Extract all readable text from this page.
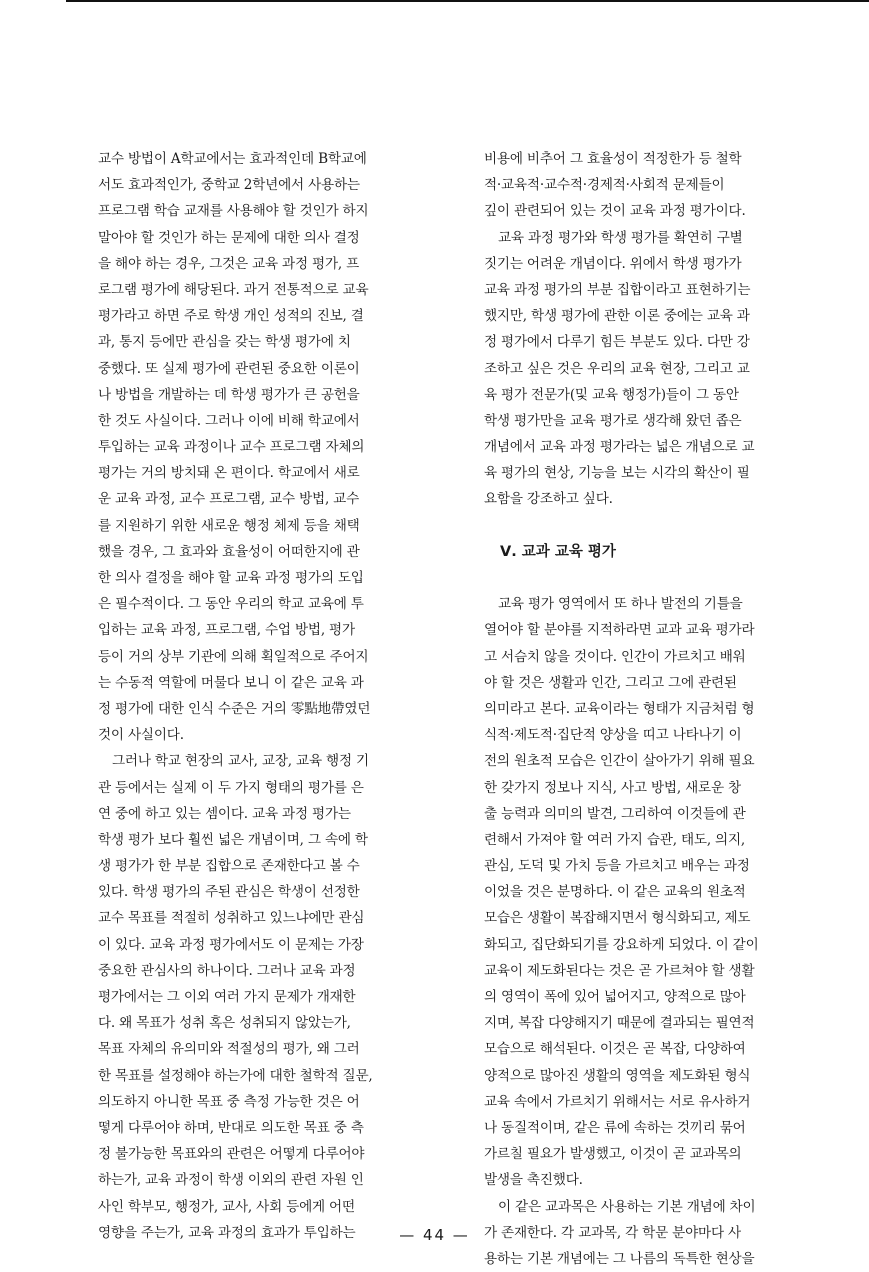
교수 방법이 A학교에서는 효과적인데 B학교에
서도 효과적인가, 중학교 2학년에서 사용하는
프로그램 학습 교재를 사용해야 할 것인가 하지
말아야 할 것인가 하는 문제에 대한 의사 결정
을 해야 하는 경우, 그것은 교육 과정 평가, 프
로그램 평가에 해당된다. 과거 전통적으로 교육
평가라고 하면 주로 학생 개인 성적의 진보, 결
과, 통지 등에만 관심을 갖는 학생 평가에 치
중했다. 또 실제 평가에 관련된 중요한 이론이
나 방법을 개발하는 데 학생 평가가 큰 공헌을
한 것도 사실이다. 그러나 이에 비해 학교에서
투입하는 교육 과정이나 교수 프로그램 자체의
평가는 거의 방치돼 온 편이다. 학교에서 새로
운 교육 과정, 교수 프로그램, 교수 방법, 교수
를 지원하기 위한 새로운 행정 체제 등을 채택
했을 경우, 그 효과와 효율성이 어떠한지에 관
한 의사 결정을 해야 할 교육 과정 평가의 도입
은 필수적이다. 그 동안 우리의 학교 교육에 투
입하는 교육 과정, 프로그램, 수업 방법, 평가
등이 거의 상부 기관에 의해 획일적으로 주어지
는 수동적 역할에 머물다 보니 이 같은 교육 과
정 평가에 대한 인식 수준은 거의 零點地帶였던
것이 사실이다.
그러나 학교 현장의 교사, 교장, 교육 행정 기
관 등에서는 실제 이 두 가지 형태의 평가를 은
연 중에 하고 있는 셈이다. 교육 과정 평가는
학생 평가 보다 훨씬 넓은 개념이며, 그 속에 학
생 평가가 한 부분 집합으로 존재한다고 볼 수
있다. 학생 평가의 주된 관심은 학생이 선정한
교수 목표를 적절히 성취하고 있느냐에만 관심
이 있다. 교육 과정 평가에서도 이 문제는 가장
중요한 관심사의 하나이다. 그러나 교육 과정
평가에서는 그 이외 여러 가지 문제가 개재한
다. 왜 목표가 성취 혹은 성취되지 않았는가,
목표 자체의 유의미와 적절성의 평가, 왜 그러
한 목표를 설정해야 하는가에 대한 철학적 질문,
의도하지 아니한 목표 중 측정 가능한 것은 어
떻게 다루어야 하며, 반대로 의도한 목표 중 측
정 불가능한 목표와의 관련은 어떻게 다루어야
하는가, 교육 과정이 학생 이외의 관련 자원 인
사인 학부모, 행정가, 교사, 사회 등에게 어떤
영향을 주는가, 교육 과정의 효과가 투입하는
비용에 비추어 그 효율성이 적정한가 등 철학
적·교육적·교수적·경제적·사회적 문제들이
깊이 관련되어 있는 것이 교육 과정 평가이다.
교육 과정 평가와 학생 평가를 확연히 구별
짓기는 어려운 개념이다. 위에서 학생 평가가
교육 과정 평가의 부분 집합이라고 표현하기는
했지만, 학생 평가에 관한 이론 중에는 교육 과
정 평가에서 다루기 힘든 부분도 있다. 다만 강
조하고 싶은 것은 우리의 교육 현장, 그리고 교
육 평가 전문가(및 교육 행정가)들이 그 동안
학생 평가만을 교육 평가로 생각해 왔던 좁은
개념에서 교육 과정 평가라는 넓은 개념으로 교
육 평가의 현상, 기능을 보는 시각의 확산이 필
요함을 강조하고 싶다.
Ⅴ. 교과 교육 평가
교육 평가 영역에서 또 하나 발전의 기틀을
열어야 할 분야를 지적하라면 교과 교육 평가라
고 서슴치 않을 것이다. 인간이 가르치고 배워
야 할 것은 생활과 인간, 그리고 그에 관련된
의미라고 본다. 교육이라는 형태가 지금처럼 형
식적·제도적·집단적 양상을 띠고 나타나기 이
전의 원초적 모습은 인간이 살아가기 위해 필요
한 갖가지 정보나 지식, 사고 방법, 새로운 창
출 능력과 의미의 발견, 그리하여 이것들에 관
련해서 가져야 할 여러 가지 습관, 태도, 의지,
관심, 도덕 및 가치 등을 가르치고 배우는 과정
이었을 것은 분명하다. 이 같은 교육의 원초적
모습은 생활이 복잡해지면서 형식화되고, 제도
화되고, 집단화되기를 강요하게 되었다. 이 같이
교육이 제도화된다는 것은 곧 가르쳐야 할 생활
의 영역이 폭에 있어 넓어지고, 양적으로 많아
지며, 복잡 다양해지기 때문에 결과되는 필연적
모습으로 해석된다. 이것은 곧 복잡, 다양하여
양적으로 많아진 생활의 영역을 제도화된 형식
교육 속에서 가르치기 위해서는 서로 유사하거
나 동질적이며, 같은 류에 속하는 것끼리 묶어
가르칠 필요가 발생했고, 이것이 곧 교과목의
발생을 촉진했다.
이 같은 교과목은 사용하는 기본 개념에 차이
가 존재한다. 각 교과목, 각 학문 분야마다 사
용하는 기본 개념에는 그 나름의 독특한 현상을
— 44 —
